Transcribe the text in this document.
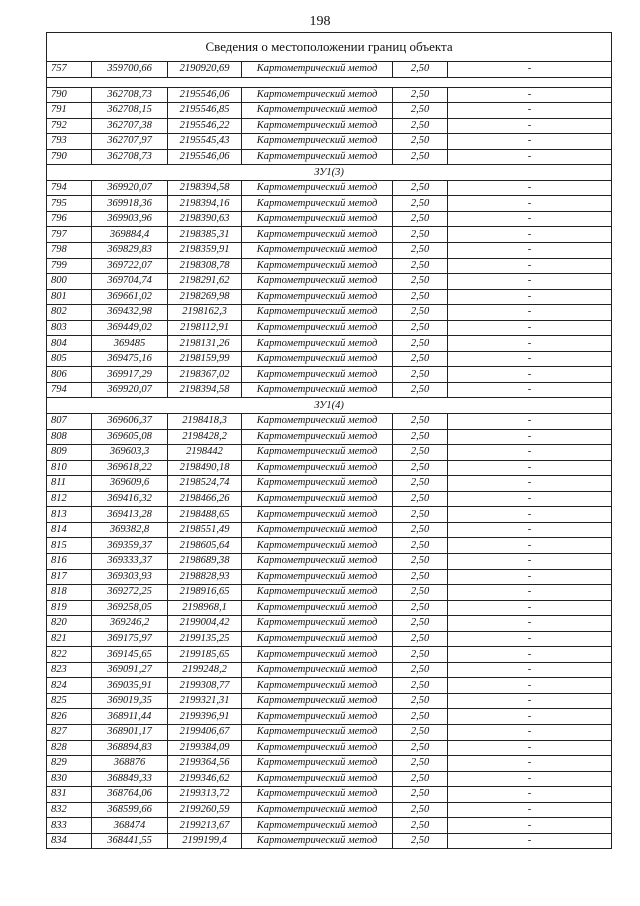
198
Сведения о местоположении границ объекта					
757	359700,66	2190920,69	Картометрический метод	2,50	-

790	362708,73	2195546,06	Картометрический метод	2,50	-
791	362708,15	2195546,85	Картометрический метод	2,50	-
792	362707,38	2195546,22	Картометрический метод	2,50	-
793	362707,97	2195545,43	Картометрический метод	2,50	-
790	362708,73	2195546,06	Картометрический метод	2,50	-
ЗУ1(3)					
794	369920,07	2198394,58	Картометрический метод	2,50	-
795	369918,36	2198394,16	Картометрический метод	2,50	-
796	369903,96	2198390,63	Картометрический метод	2,50	-
797	369884,4	2198385,31	Картометрический метод	2,50	-
798	369829,83	2198359,91	Картометрический метод	2,50	-
799	369722,07	2198308,78	Картометрический метод	2,50	-
800	369704,74	2198291,62	Картометрический метод	2,50	-
801	369661,02	2198269,98	Картометрический метод	2,50	-
802	369432,98	2198162,3	Картометрический метод	2,50	-
803	369449,02	2198112,91	Картометрический метод	2,50	-
804	369485	2198131,26	Картометрический метод	2,50	-
805	369475,16	2198159,99	Картометрический метод	2,50	-
806	369917,29	2198367,02	Картометрический метод	2,50	-
794	369920,07	2198394,58	Картометрический метод	2,50	-
ЗУ1(4)					
807	369606,37	2198418,3	Картометрический метод	2,50	-
808	369605,08	2198428,2	Картометрический метод	2,50	-
809	369603,3	2198442	Картометрический метод	2,50	-
810	369618,22	2198490,18	Картометрический метод	2,50	-
811	369609,6	2198524,74	Картометрический метод	2,50	-
812	369416,32	2198466,26	Картометрический метод	2,50	-
813	369413,28	2198488,65	Картометрический метод	2,50	-
814	369382,8	2198551,49	Картометрический метод	2,50	-
815	369359,37	2198605,64	Картометрический метод	2,50	-
816	369333,37	2198689,38	Картометрический метод	2,50	-
817	369303,93	2198828,93	Картометрический метод	2,50	-
818	369272,25	2198916,65	Картометрический метод	2,50	-
819	369258,05	2198968,1	Картометрический метод	2,50	-
820	369246,2	2199004,42	Картометрический метод	2,50	-
821	369175,97	2199135,25	Картометрический метод	2,50	-
822	369145,65	2199185,65	Картометрический метод	2,50	-
823	369091,27	2199248,2	Картометрический метод	2,50	-
824	369035,91	2199308,77	Картометрический метод	2,50	-
825	369019,35	2199321,31	Картометрический метод	2,50	-
826	368911,44	2199396,91	Картометрический метод	2,50	-
827	368901,17	2199406,67	Картометрический метод	2,50	-
828	368894,83	2199384,09	Картометрический метод	2,50	-
829	368876	2199364,56	Картометрический метод	2,50	-
830	368849,33	2199346,62	Картометрический метод	2,50	-
831	368764,06	2199313,72	Картометрический метод	2,50	-
832	368599,66	2199260,59	Картометрический метод	2,50	-
833	368474	2199213,67	Картометрический метод	2,50	-
834	368441,55	2199199,4	Картометрический метод	2,50	-
